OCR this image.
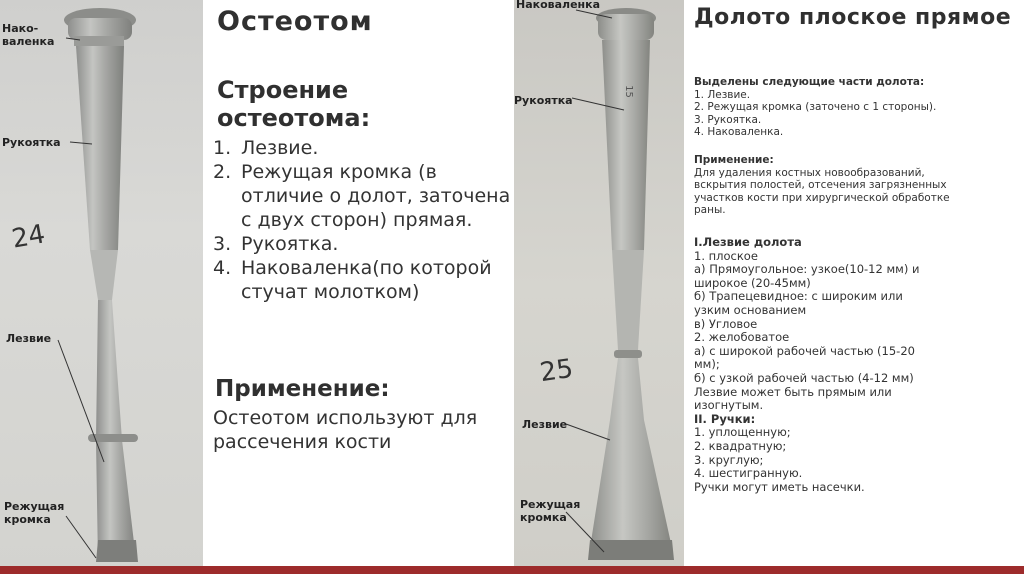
Нако-
валенка
Рукоятка
Лезвие
Режущая
кромка
24
Остеотом
Строение остеотома:
1. Лезвие.
2. Режущая кромка (в отличие о долот, заточена с двух сторон) прямая.
3. Рукоятка.
4. Наковаленка(по которой стучат молотком)
Применение:
Остеотом используют для рассечения кости
Наковаленка
Рукоятка
Лезвие
Режущая
кромка
25
15
Долото плоское прямое
Выделены следующие части долота:
1. Лезвие.
2. Режущая кромка (заточено с 1 стороны).
3. Рукоятка.
4. Наковаленка.
Применение:
Для удаления костных новообразований,
вскрытия полостей, отсечения загрязненных
участков кости при хирургической обработке
раны.
I.Лезвие долота
1. плоское
а) Прямоугольное: узкое(10-12 мм) и
широкое (20-45мм)
б) Трапецевидное: с широким или
узким основанием
в) Угловое
2. желобоватое
а) с широкой рабочей частью (15-20
мм);
б) с узкой рабочей частью (4-12 мм)
Лезвие может быть прямым или
изогнутым.
II. Ручки:
1. уплощенную;
2. квадратную;
3. круглую;
4. шестигранную.
Ручки могут иметь насечки.
